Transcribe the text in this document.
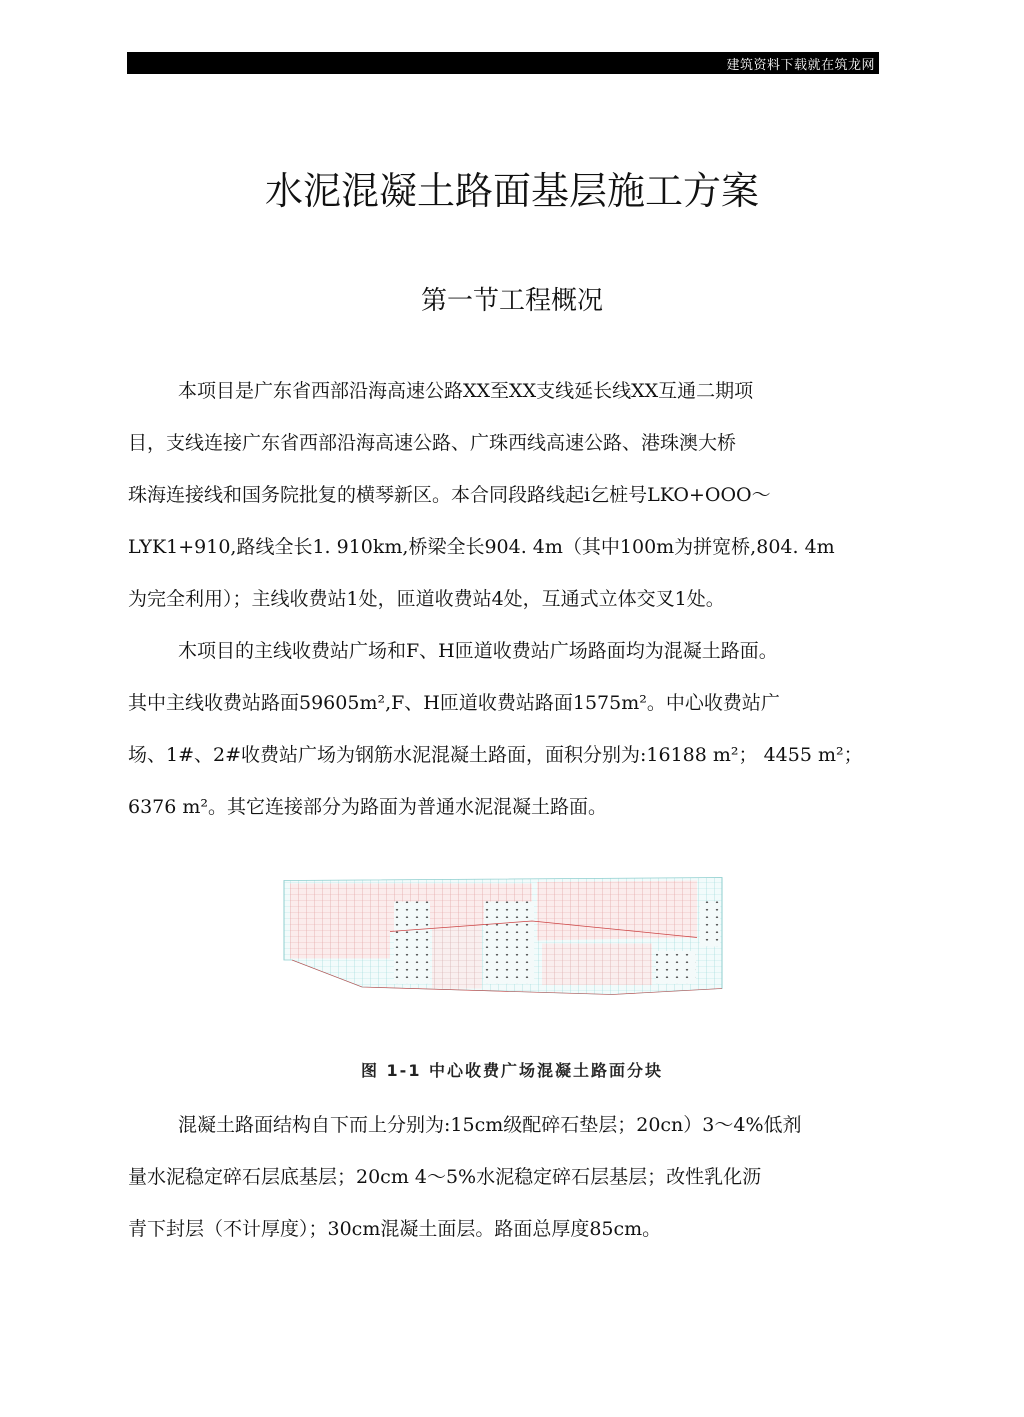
建筑资料下载就在筑龙网
水泥混凝土路面基层施工方案
第一节工程概况
本项目是广东省西部沿海高速公路XX至XX支线延长线XX互通二期项
目，支线连接广东省西部沿海高速公路、广珠西线高速公路、港珠澳大桥
珠海连接线和国务院批复的横琴新区。本合同段路线起i乞桩号LKO+OOO～
LYK1+910,路线全长1. 910km,桥梁全长904. 4m（其中100m为拼宽桥,804. 4m
为完全利用）；主线收费站1处，匝道收费站4处，互通式立体交叉1处。
木项目的主线收费站广场和F、H匝道收费站广场路面均为混凝土路面。
其中主线收费站路面59605m²,F、H匝道收费站路面1575m²。中心收费站广
场、1#、2#收费站广场为钢筋水泥混凝土路面，面积分别为:16188 m²； 4455 m²；
6376 m²。其它连接部分为路面为普通水泥混凝土路面。
图 1-1 中心收费广场混凝土路面分块
混凝土路面结构自下而上分别为:15cm级配碎石垫层；20cn）3～4%低剂
量水泥稳定碎石层底基层；20cm 4～5%水泥稳定碎石层基层；改性乳化沥
青下封层（不计厚度）；30cm混凝土面层。路面总厚度85cm。
